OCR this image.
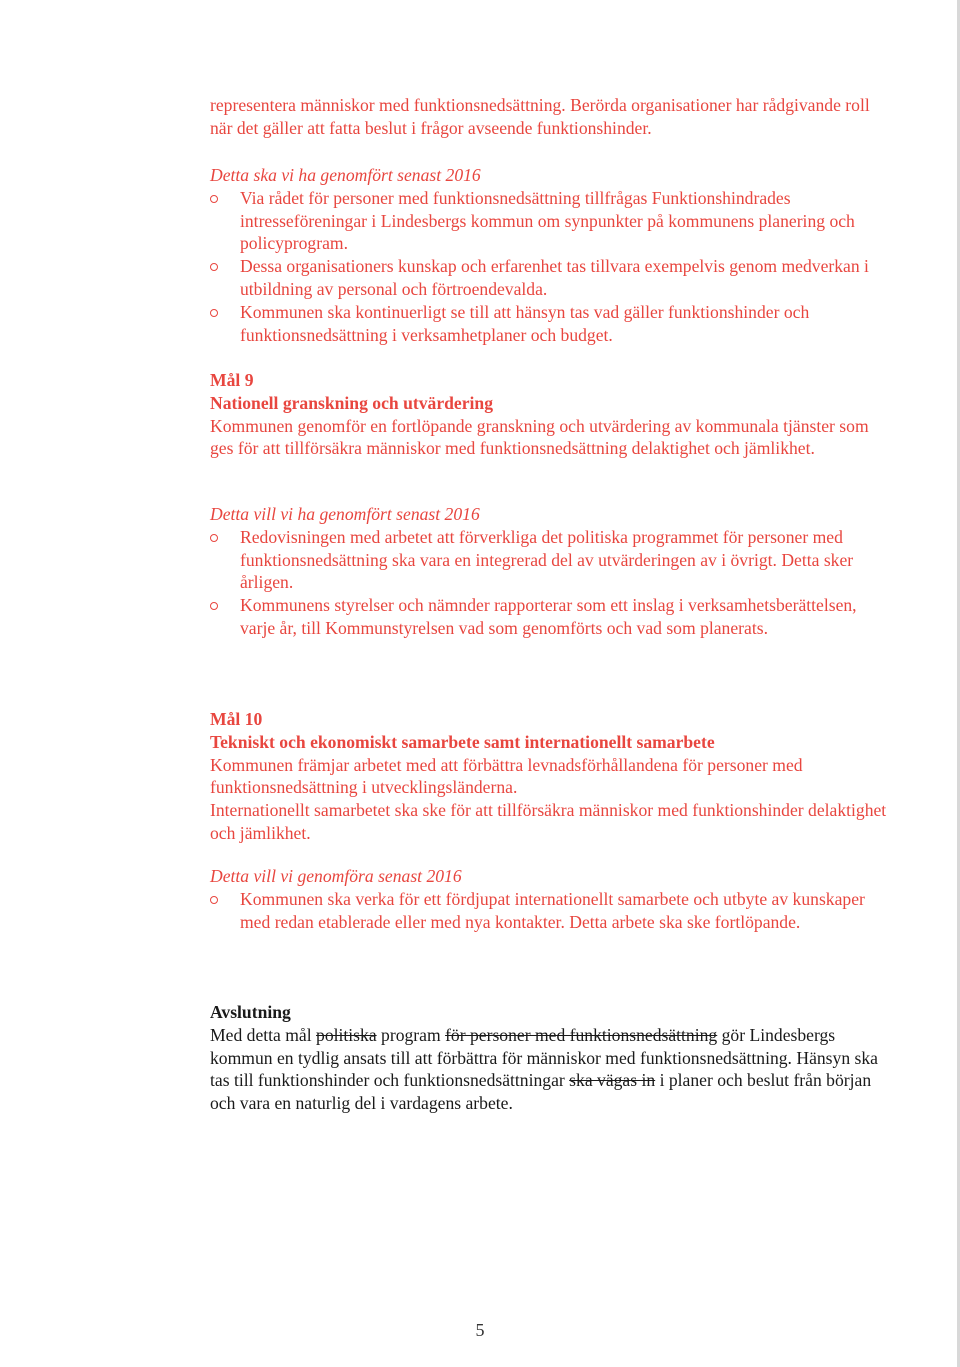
representera människor med funktionsnedsättning. Berörda organisationer har rådgivande roll när det gäller att fatta beslut i frågor avseende funktionshinder.

Detta ska vi ha genomfört senast 2016

Via rådet för personer med funktionsnedsättning tillfrågas Funktionshindrades intresseföreningar i Lindesbergs kommun om synpunkter på kommunens planering och policyprogram.
Dessa organisationers kunskap och erfarenhet tas tillvara exempelvis genom medverkan i utbildning av personal och förtroendevalda.
Kommunen ska kontinuerligt se till att hänsyn tas vad gäller funktionshinder och funktionsnedsättning i verksamhetplaner och budget.

Mål 9

Nationell granskning och utvärdering

Kommunen genomför en fortlöpande granskning och utvärdering av kommunala tjänster som ges för att tillförsäkra människor med funktionsnedsättning delaktighet och jämlikhet.

Detta vill vi ha genomfört senast 2016

Redovisningen med arbetet att förverkliga det politiska programmet för personer med funktionsnedsättning ska vara en integrerad del av utvärderingen av i övrigt. Detta sker årligen.
Kommunens styrelser och nämnder rapporterar som ett inslag i verksamhetsberättelsen, varje år, till Kommunstyrelsen vad som genomförts och vad som planerats.

Mål 10

Tekniskt och ekonomiskt samarbete samt internationellt samarbete

Kommunen främjar arbetet med att förbättra levnadsförhållandena för personer med funktionsnedsättning i utvecklingsländerna.

Internationellt samarbetet ska ske för att tillförsäkra människor med funktionshinder delaktighet och jämlikhet.

Detta vill vi genomföra senast 2016

Kommunen ska verka för ett fördjupat internationellt samarbete och utbyte av kunskaper med redan etablerade eller med nya kontakter. Detta arbete ska ske fortlöpande.

Avslutning

Med detta mål politiska program för personer med funktionsnedsättning gör Lindesbergs kommun en tydlig ansats till att förbättra för människor med funktionsnedsättning. Hänsyn ska tas till funktionshinder och funktionsnedsättningar ska vägas in i planer och beslut från början och vara en naturlig del i vardagens arbete.

5
